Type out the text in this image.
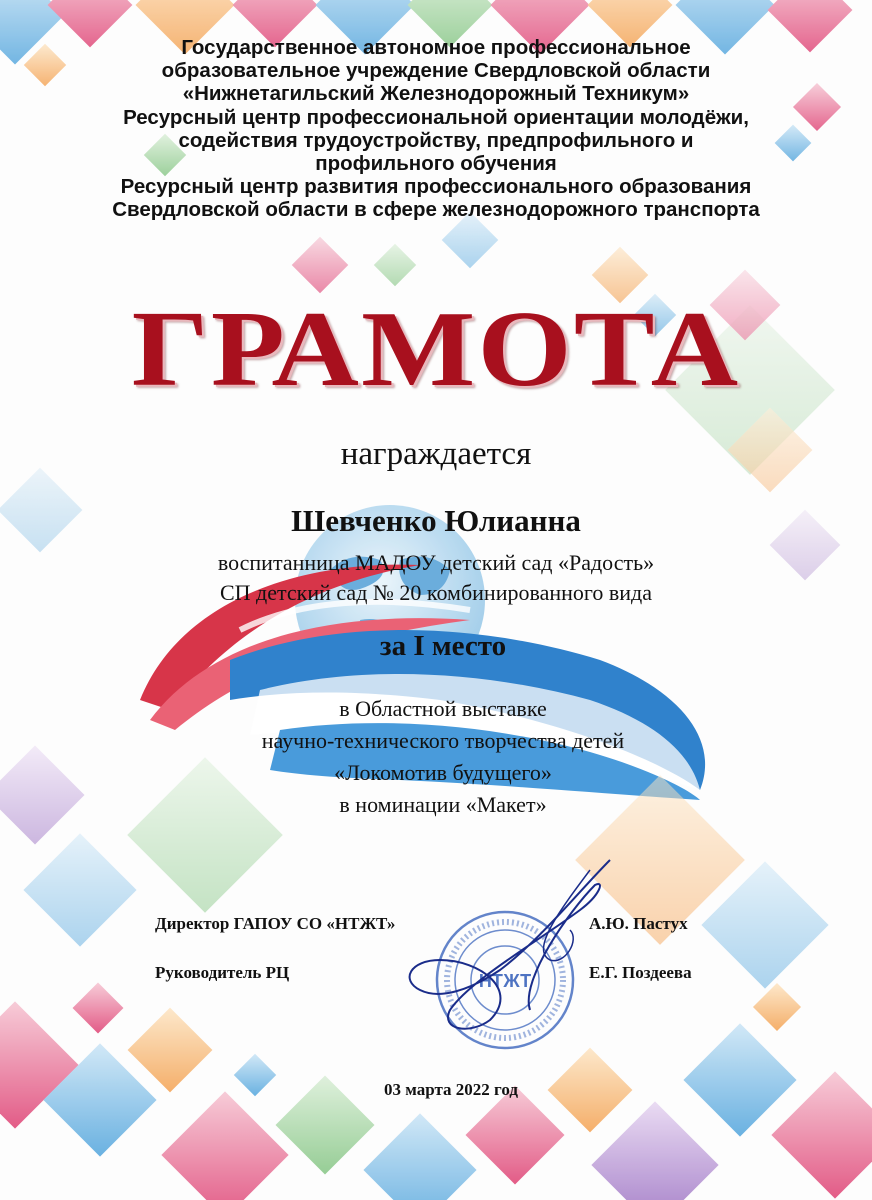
Государственное автономное профессиональное
образовательное учреждение Свердловской области
«Нижнетагильский Железнодорожный Техникум»
Ресурсный центр профессиональной ориентации молодёжи,
содействия трудоустройству, предпрофильного и
профильного обучения
Ресурсный центр развития профессионального образования
Свердловской области в сфере железнодорожного транспорта
ГРАМОТА
награждается
Шевченко Юлианна
воспитанница МАДОУ детский сад «Радость»
СП детский сад № 20 комбинированного вида
за I место
в Областной выставке
научно-технического творчества детей
«Локомотив будущего»
в номинации «Макет»
НТЖТ
Директор ГАПОУ СО «НТЖТ»	А.Ю. Пастух
Руководитель РЦ	Е.Г. Поздеева
03 марта 2022 год
